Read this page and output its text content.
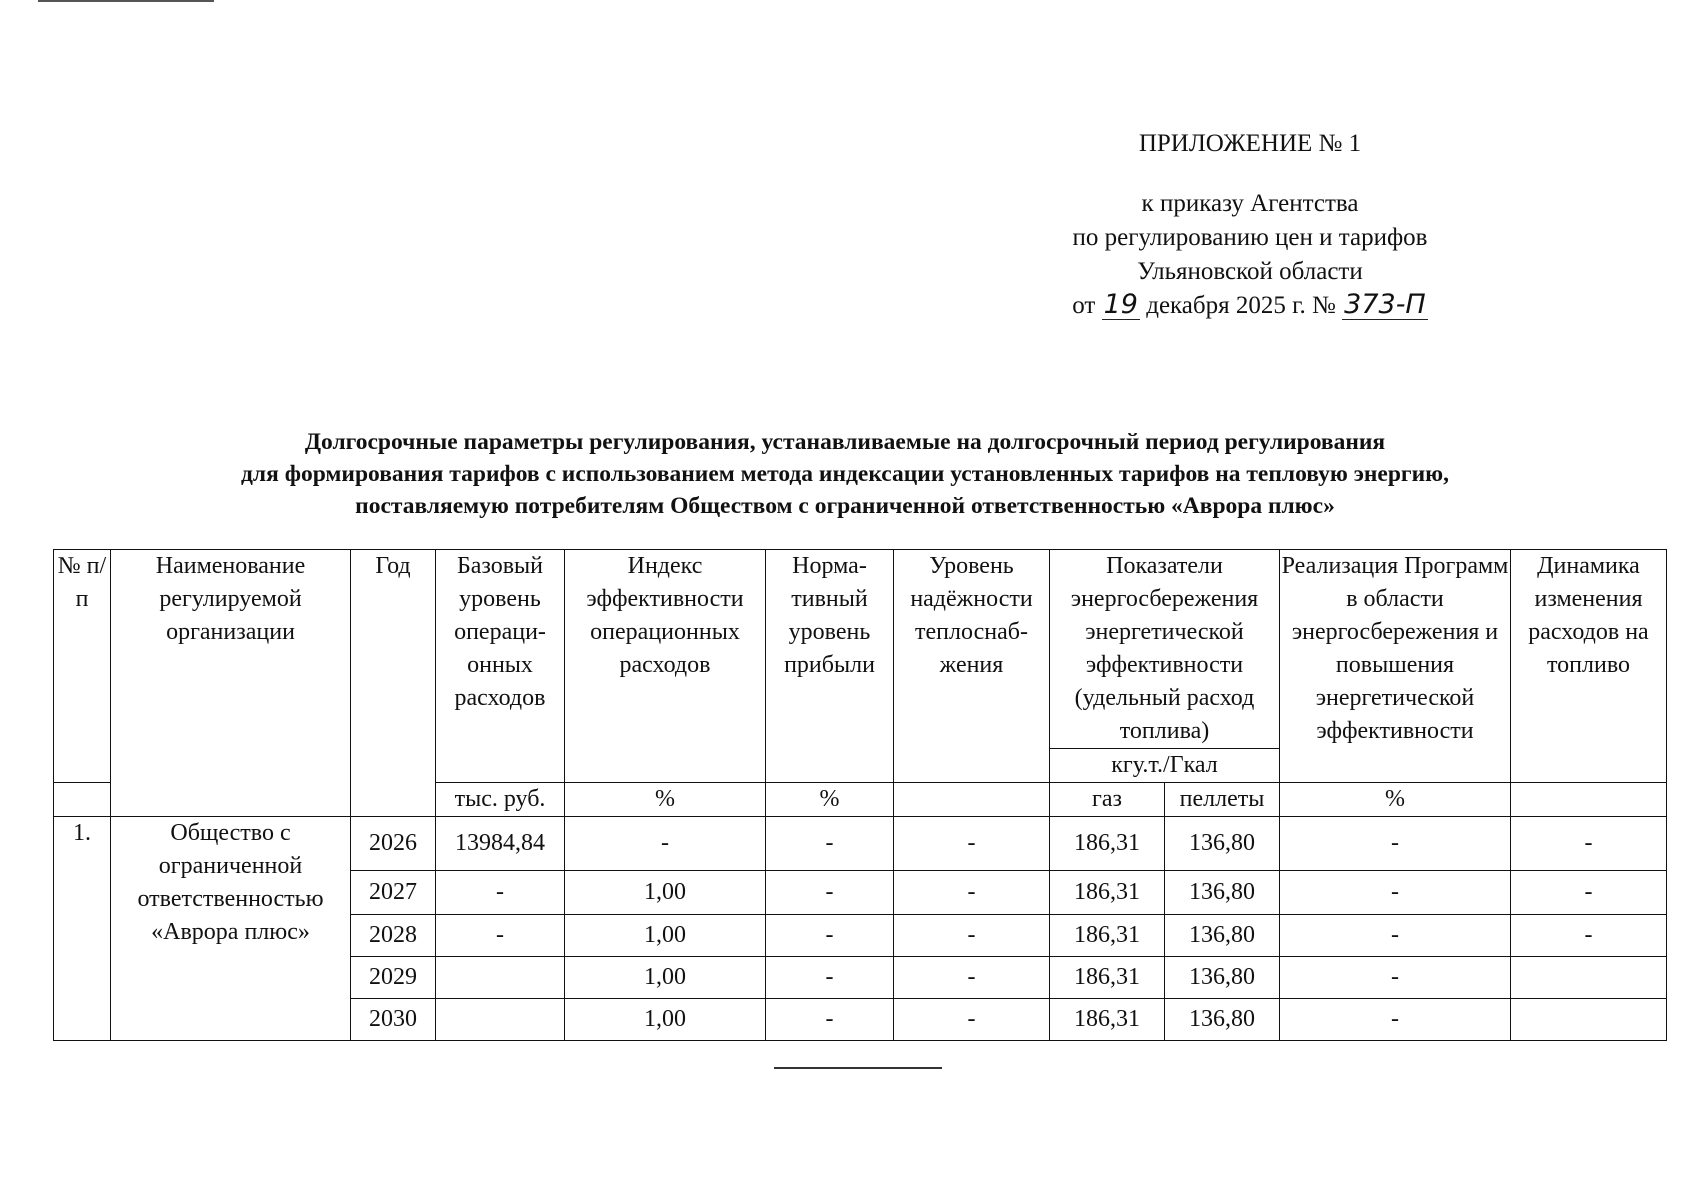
ПРИЛОЖЕНИЕ № 1
к приказу Агентства
по регулированию цен и тарифов
Ульяновской области
от 19 декабря 2025 г. № 373-П
Долгосрочные параметры регулирования, устанавливаемые на долгосрочный период регулирования
для формирования тарифов с использованием метода индексации установленных тарифов на тепловую энергию,
поставляемую потребителям Обществом с ограниченной ответственностью «Аврора плюс»
№ п/п	Наименование регулируемой организации	Год	Базовый уровень операци-онных расходов	Индекс эффективности операционных расходов	Норма-тивный уровень прибыли	Уровень надёжности теплоснаб-жения	Показатели энергосбережения энергетической эффективности (удельный расход топлива)		Реализация Программ в области энергосбережения и повышения энергетической эффективности	Динамика изменения расходов на топливо
							кгу.т./Гкал			
			тыс. руб.	%	%		газ	пеллеты	%	
1.	Общество с ограниченной ответственностью «Аврора плюс»	2026	13984,84	-	-	-	186,31	136,80	-	-
		2027	-	1,00	-	-	186,31	136,80	-	-
		2028	-	1,00	-	-	186,31	136,80	-	-
		2029		1,00	-	-	186,31	136,80	-	
		2030		1,00	-	-	186,31	136,80	-	
